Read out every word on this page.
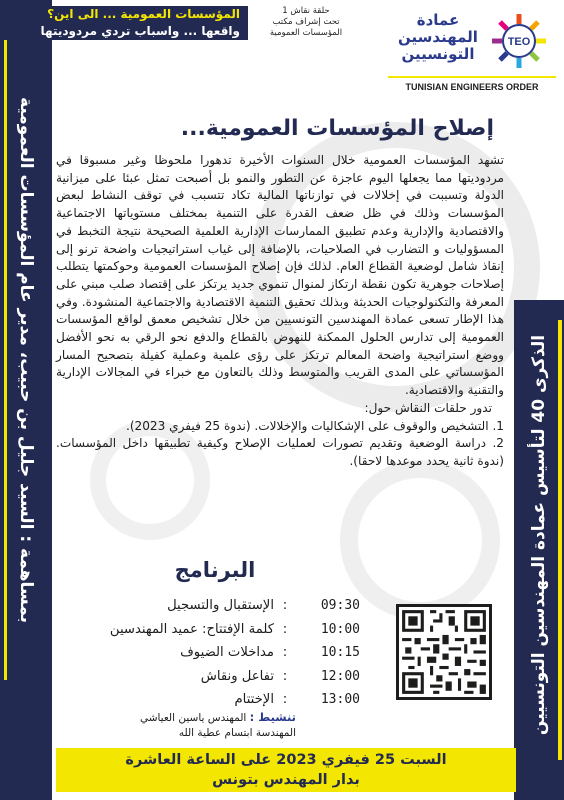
بمساهمة : السيد جليل بن حبيب، مدير عام المؤسسات العمومية	الذكرى 40 لتأسيس عمادة المهندسين التونسيين
المؤسسات العمومية ... الى اين؟
واقعها ... واسباب تردي مردوديتها
حلقة نقاش 1
تحت إشراف مكتب
المؤسسات العمومية
عمادة
المهندسين
التونسيين
TEO
TUNISIAN ENGINEERS ORDER
إصلاح المؤسسات العمومية...

تشهد المؤسسات العمومية خلال السنوات الأخيرة تدهورا ملحوظا وغير مسبوقا في مردوديتها مما يجعلها اليوم عاجزة عن التطور والنمو بل أصبحت تمثل عبئا على ميزانية الدولة وتسببت في إخلالات في توازناتها المالية تكاد تتسبب في توقف النشاط لبعض المؤسسات وذلك في ظل ضعف القدرة على التنمية بمختلف مستوياتها الاجتماعية والاقتصادية والإدارية وعدم تطبيق الممارسات الإدارية العلمية الصحيحة نتيجة التخبط في المسؤوليات و التضارب في الصلاحيات، بالإضافة إلى غياب استراتيجيات واضحة ترنو إلى إنقاذ شامل لوضعية القطاع العام. لذلك فإن إصلاح المؤسسات العمومية وحوكمتها يتطلب إصلاحات جوهرية تكون نقطة ارتكاز لمنوال تنموي جديد يرتكز على إقتصاد صلب مبني على المعرفة والتكنولوجيات الحديثة وبذلك تحقيق التنمية الاقتصادية والاجتماعية المنشودة. وفي هذا الإطار تسعى عمادة المهندسين التونسيين من خلال تشخيص معمق لواقع المؤسسات العمومية إلى تدارس الحلول الممكنة للنهوض بالقطاع والدفع نحو الرقي به نحو الأفضل ووضع استراتيجية واضحة المعالم ترتكز على رؤى علمية وعملية كفيلة بتصحيح المسار المؤسساتي على المدى القريب والمتوسط وذلك بالتعاون مع خبراء في المجالات الإدارية والتقنية والاقتصادية.

تدور حلقات النقاش حول:

1. التشخيص والوقوف على الإشكاليات والإخلالات. (ندوة 25 فيفري 2023).
2. دراسة الوضعية وتقديم تصورات لعمليات الإصلاح وكيفية تطبيقها داخل المؤسسات. (ندوة ثانية يحدد موعدها لاحقا).
البرنامج
09:30
:
الإستقبال والتسجيل
10:00
:
كلمة الإفتتاح: عميد المهندسين
10:15
:
مداخلات الضيوف
12:00
:
تفاعل ونقاش
13:00
:
الإختتام
تنشيط : المهندس ياسين العياشي
المهندسة ابتسام عطية الله
السبت 25 فيفري 2023 على الساعة العاشرة
بدار المهندس بتونس
